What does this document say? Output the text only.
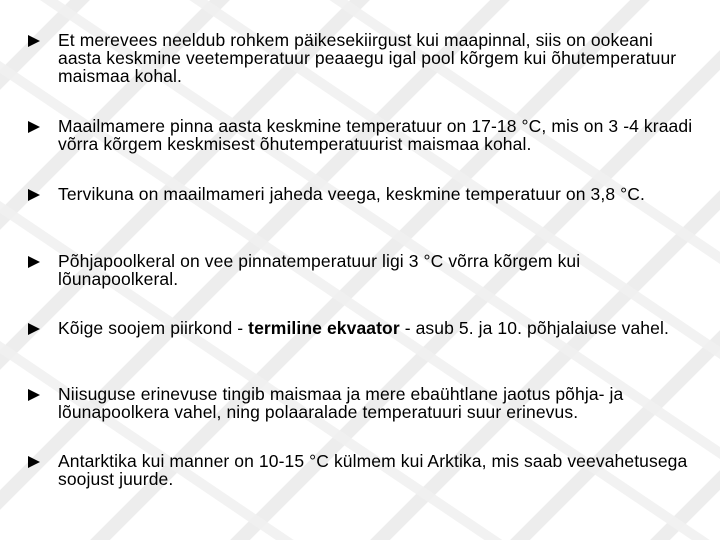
Et merevees neeldub rohkem päikesekiirgust kui maapinnal, siis on ookeani aasta keskmine veetemperatuur peaaegu igal pool kõrgem kui õhutemperatuur maismaa kohal.
Maailmamere pinna aasta keskmine temperatuur on 17-18 °C, mis on 3 -4 kraadi võrra kõrgem keskmisest õhutemperatuurist maismaa kohal.
Tervikuna on maailmameri jaheda veega, keskmine temperatuur on 3,8 °C.
Põhjapoolkeral on vee pinnatemperatuur ligi 3 °C võrra kõrgem kui lõunapoolkeral.
Kõige soojem piirkond - termiline ekvaator - asub 5. ja 10. põhjalaiuse vahel.
Niisuguse erinevuse tingib maismaa ja mere ebaühtlane jaotus põhja- ja lõunapoolkera vahel, ning polaaralade temperatuuri suur erinevus.
Antarktika kui manner on 10-15 °C külmem kui Arktika, mis saab veevahetusega soojust juurde.
